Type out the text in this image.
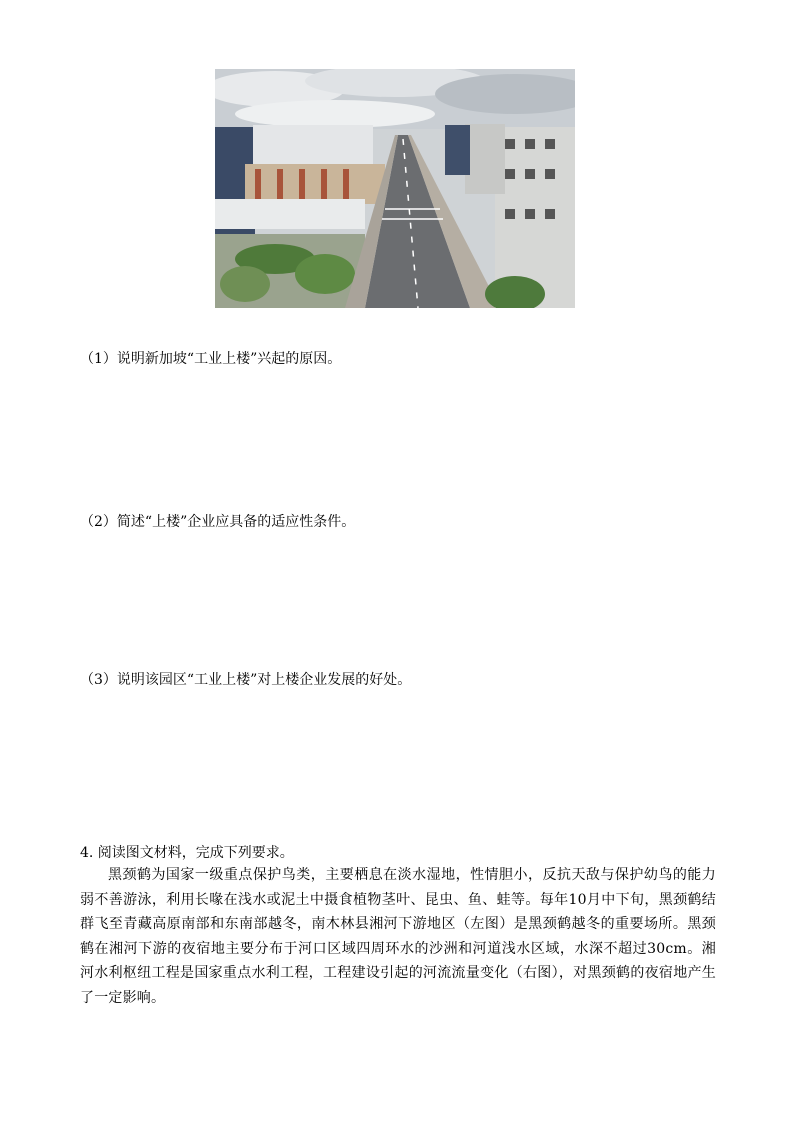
（1）说明新加坡“工业上楼”兴起的原因。
（2）简述“上楼”企业应具备的适应性条件。
（3）说明该园区“工业上楼”对上楼企业发展的好处。
4. 阅读图文材料，完成下列要求。
黑颈鹤为国家一级重点保护鸟类，主要栖息在淡水湿地，性情胆小，反抗天敌与保护幼鸟的能力弱不善游泳，利用长喙在浅水或泥土中摄食植物茎叶、昆虫、鱼、蛙等。每年10月中下旬，黑颈鹤结群飞至青藏高原南部和东南部越冬，南木林县湘河下游地区（左图）是黑颈鹤越冬的重要场所。黑颈鹤在湘河下游的夜宿地主要分布于河口区域四周环水的沙洲和河道浅水区域，水深不超过30cm。湘河水利枢纽工程是国家重点水利工程，工程建设引起的河流流量变化（右图），对黑颈鹤的夜宿地产生了一定影响。
